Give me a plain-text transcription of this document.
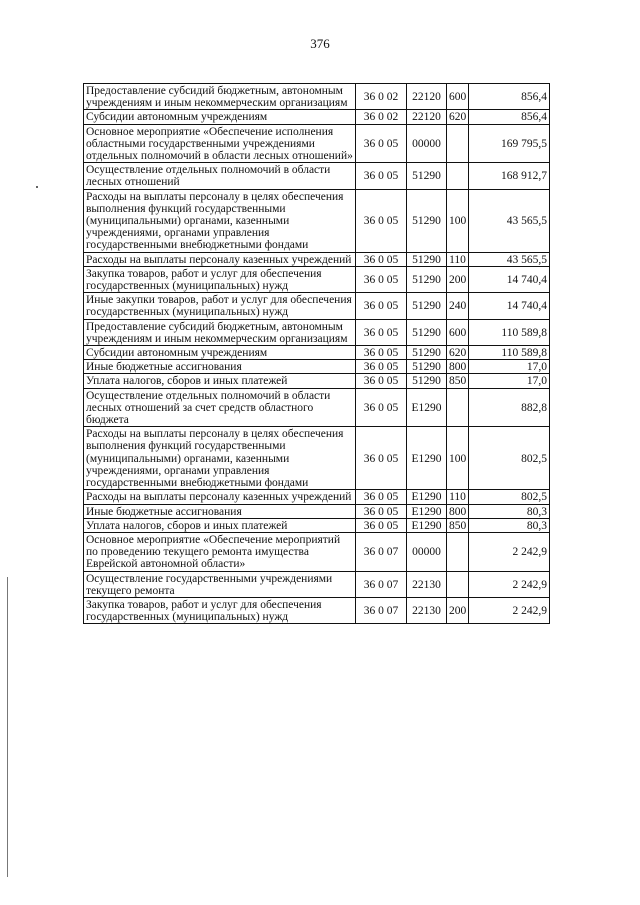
376
Предоставление субсидий бюджетным, автономным учреждениям и иным некоммерческим организациям	36 0 02	22120	600	856,4
Субсидии автономным учреждениям	36 0 02	22120	620	856,4
Основное мероприятие «Обеспечение исполнения областными государственными учреждениями отдельных полномочий в области лесных отношений»	36 0 05	00000		169 795,5
Осуществление отдельных полномочий в области лесных отношений	36 0 05	51290		168 912,7
Расходы на выплаты персоналу в целях обеспечения выполнения функций государственными (муниципальными) органами, казенными учреждениями, органами управления государственными внебюджетными фондами	36 0 05	51290	100	43 565,5
Расходы на выплаты персоналу казенных учреждений	36 0 05	51290	110	43 565,5
Закупка товаров, работ и услуг для обеспечения государственных (муниципальных) нужд	36 0 05	51290	200	14 740,4
Иные закупки товаров, работ и услуг для обеспечения государственных (муниципальных) нужд	36 0 05	51290	240	14 740,4
Предоставление субсидий бюджетным, автономным учреждениям и иным некоммерческим организациям	36 0 05	51290	600	110 589,8
Субсидии автономным учреждениям	36 0 05	51290	620	110 589,8
Иные бюджетные ассигнования	36 0 05	51290	800	17,0
Уплата налогов, сборов и иных платежей	36 0 05	51290	850	17,0
Осуществление отдельных полномочий в области лесных отношений за счет средств областного бюджета	36 0 05	Е1290		882,8
Расходы на выплаты персоналу в целях обеспечения выполнения функций государственными (муниципальными) органами, казенными учреждениями, органами управления государственными внебюджетными фондами	36 0 05	Е1290	100	802,5
Расходы на выплаты персоналу казенных учреждений	36 0 05	Е1290	110	802,5
Иные бюджетные ассигнования	36 0 05	Е1290	800	80,3
Уплата налогов, сборов и иных платежей	36 0 05	Е1290	850	80,3
Основное мероприятие «Обеспечение мероприятий по проведению текущего ремонта имущества Еврейской автономной области»	36 0 07	00000		2 242,9
Осуществление государственными учреждениями текущего ремонта	36 0 07	22130		2 242,9
Закупка товаров, работ и услуг для обеспечения государственных (муниципальных) нужд	36 0 07	22130	200	2 242,9
